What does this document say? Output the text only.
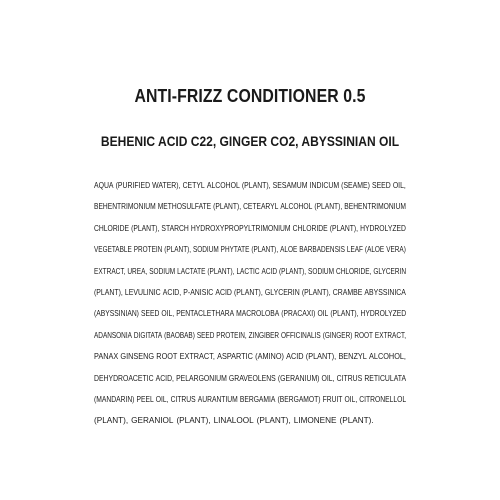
ANTI-FRIZZ CONDITIONER 0.5
BEHENIC ACID C22, GINGER CO2, ABYSSINIAN OIL
AQUA (PURIFIED WATER), CETYL ALCOHOL (PLANT), SESAMUM INDICUM (SEAME) SEED OIL,
BEHENTRIMONIUM METHOSULFATE (PLANT), CETEARYL ALCOHOL (PLANT), BEHENTRIMONIUM
CHLORIDE (PLANT), STARCH HYDROXYPROPYLTRIMONIUM CHLORIDE (PLANT), HYDROLYZED
VEGETABLE PROTEIN (PLANT), SODIUM PHYTATE (PLANT), ALOE BARBADENSIS LEAF (ALOE VERA)
EXTRACT, UREA, SODIUM LACTATE (PLANT), LACTIC ACID (PLANT), SODIUM CHLORIDE, GLYCERIN
(PLANT), LEVULINIC ACID, P-ANISIC ACID (PLANT), GLYCERIN (PLANT), CRAMBE ABYSSINICA
(ABYSSINIAN) SEED OIL, PENTACLETHARA MACROLOBA (PRACAXI) OIL (PLANT), HYDROLYZED
ADANSONIA DIGITATA (BAOBAB) SEED PROTEIN, ZINGIBER OFFICINALIS (GINGER) ROOT EXTRACT,
PANAX GINSENG ROOT EXTRACT, ASPARTIC (AMINO) ACID (PLANT), BENZYL ALCOHOL,
DEHYDROACETIC ACID, PELARGONIUM GRAVEOLENS (GERANIUM) OIL, CITRUS RETICULATA
(MANDARIN) PEEL OIL, CITRUS AURANTIUM BERGAMIA (BERGAMOT) FRUIT OIL, CITRONELLOL
(PLANT), GERANIOL (PLANT), LINALOOL (PLANT), LIMONENE (PLANT).
